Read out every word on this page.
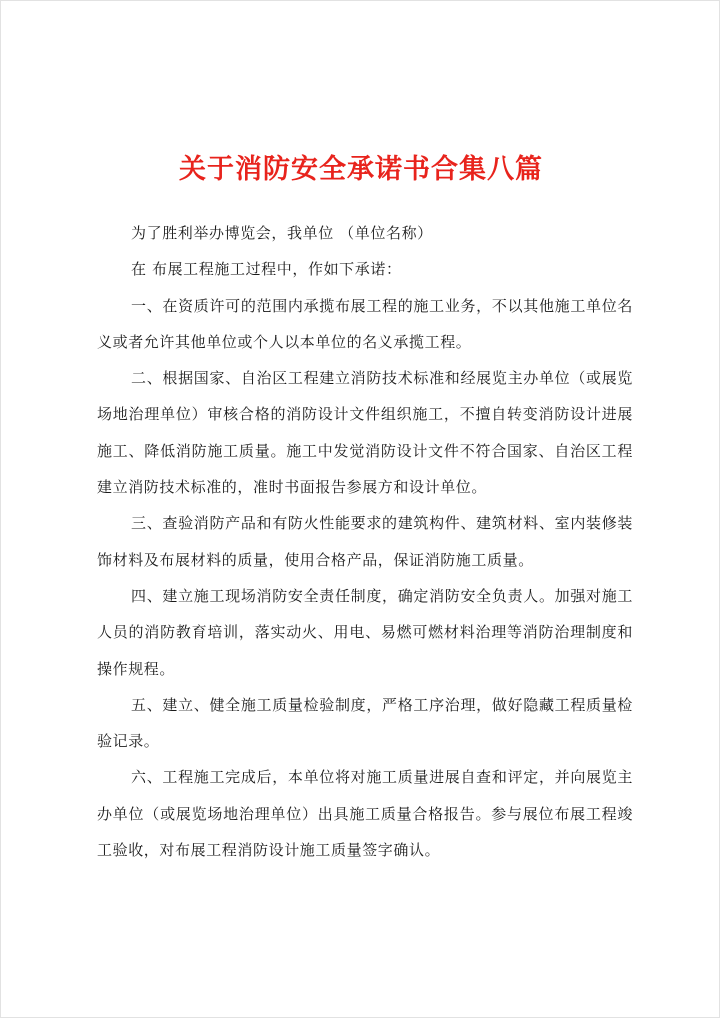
关于消防安全承诺书合集八篇

为了胜利举办博览会，我单位 （单位名称）

在 布展工程施工过程中，作如下承诺：

一、在资质许可的范围内承揽布展工程的施工业务，不以其他施工单位名义或者允许其他单位或个人以本单位的名义承揽工程。

二、根据国家、自治区工程建立消防技术标准和经展览主办单位（或展览场地治理单位）审核合格的消防设计文件组织施工，不擅自转变消防设计进展施工、降低消防施工质量。施工中发觉消防设计文件不符合国家、自治区工程建立消防技术标准的，准时书面报告参展方和设计单位。

三、查验消防产品和有防火性能要求的建筑构件、建筑材料、室内装修装饰材料及布展材料的质量，使用合格产品，保证消防施工质量。

四、建立施工现场消防安全责任制度，确定消防安全负责人。加强对施工人员的消防教育培训，落实动火、用电、易燃可燃材料治理等消防治理制度和操作规程。

五、建立、健全施工质量检验制度，严格工序治理，做好隐藏工程质量检验记录。

六、工程施工完成后，本单位将对施工质量进展自查和评定，并向展览主办单位（或展览场地治理单位）出具施工质量合格报告。参与展位布展工程竣工验收，对布展工程消防设计施工质量签字确认。
